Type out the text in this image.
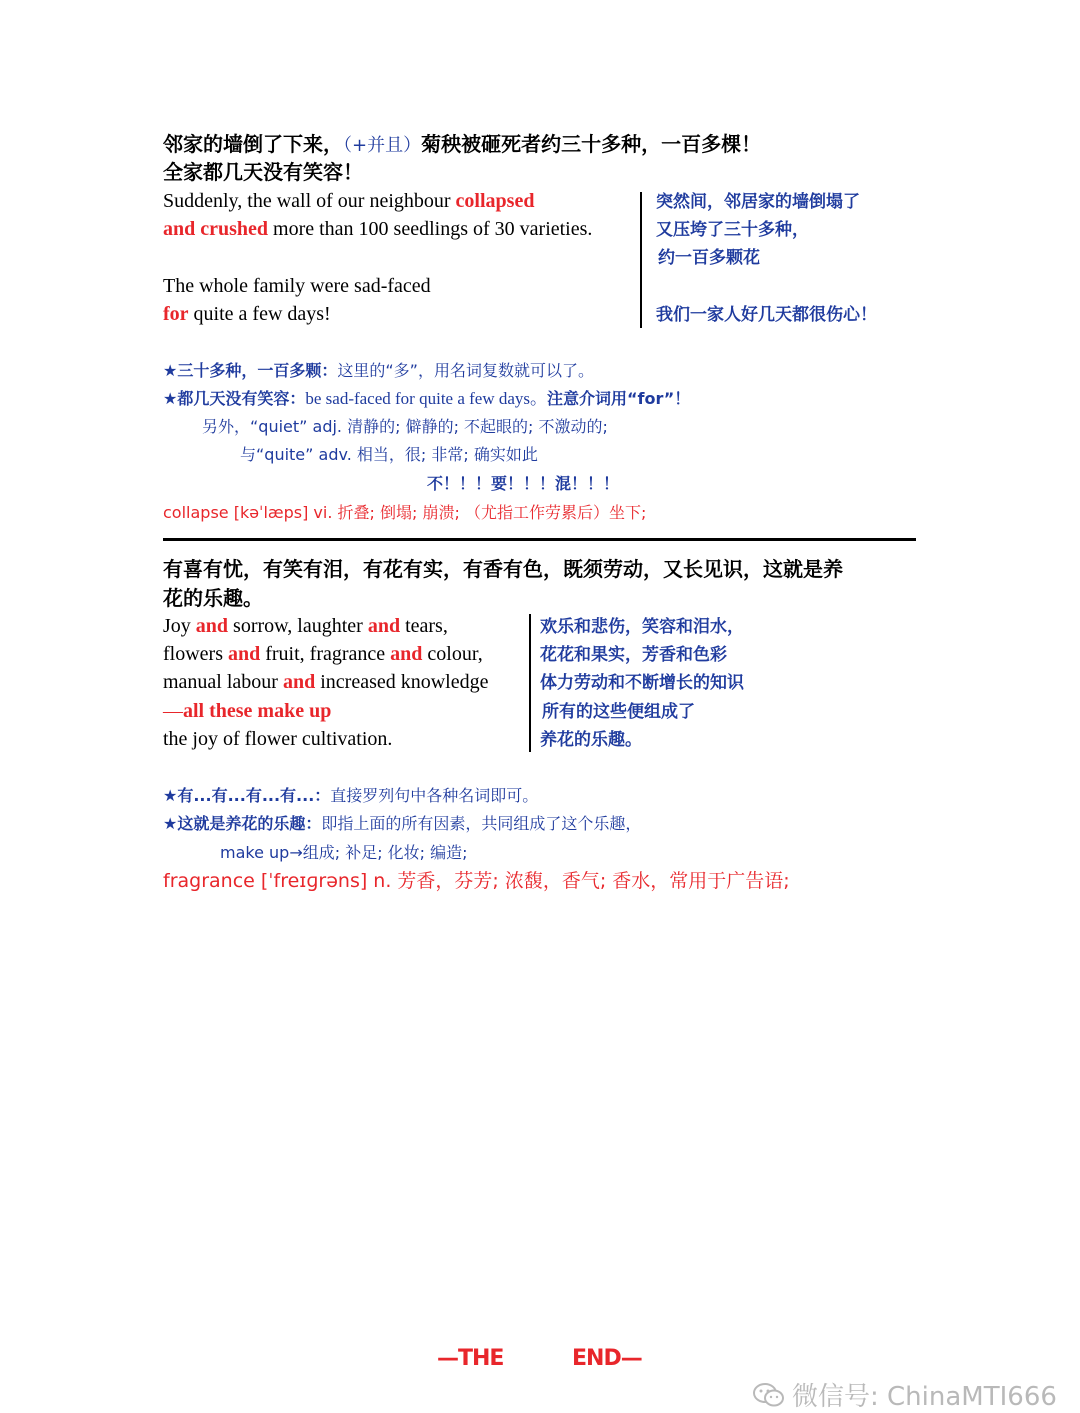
邻家的墙倒了下来，（+并且）菊秧被砸死者约三十多种，一百多棵！
全家都几天没有笑容！
Suddenly, the wall of our neighbour collapsed
and crushed more than 100 seedlings of 30 varieties.
The whole family were sad-faced
for quite a few days!
突然间，邻居家的墙倒塌了
又压垮了三十多种，
约一百多颗花
我们一家人好几天都很伤心！
★三十多种，一百多颗：这里的“多”，用名词复数就可以了。
★都几天没有笑容：be sad-faced for quite a few days。注意介词用“for”！
另外，“quiet” adj. 清静的; 僻静的; 不起眼的; 不激动的;
与“quite” adv. 相当，很; 非常; 确实如此
不！！！要！！！混！！！
collapse [kəˈlæps] vi. 折叠; 倒塌; 崩溃; （尤指工作劳累后）坐下;
有喜有忧，有笑有泪，有花有实，有香有色，既须劳动，又长见识，这就是养
花的乐趣。
Joy and sorrow, laughter and tears,
flowers and fruit, fragrance and colour,
manual labour and increased knowledge
—all these make up
the joy of flower cultivation.
欢乐和悲伤，笑容和泪水，
花花和果实，芳香和色彩
体力劳动和不断增长的知识
所有的这些便组成了
养花的乐趣。
★有...有...有...有...：直接罗列句中各种名词即可。
★这就是养花的乐趣：即指上面的所有因素，共同组成了这个乐趣，
make up→组成; 补足; 化妆; 编造;
fragrance [ˈfreɪɡrəns] n. 芳香，芬芳; 浓馥，香气; 香水，常用于广告语;
—THE	END—
微信号: ChinaMTI666
